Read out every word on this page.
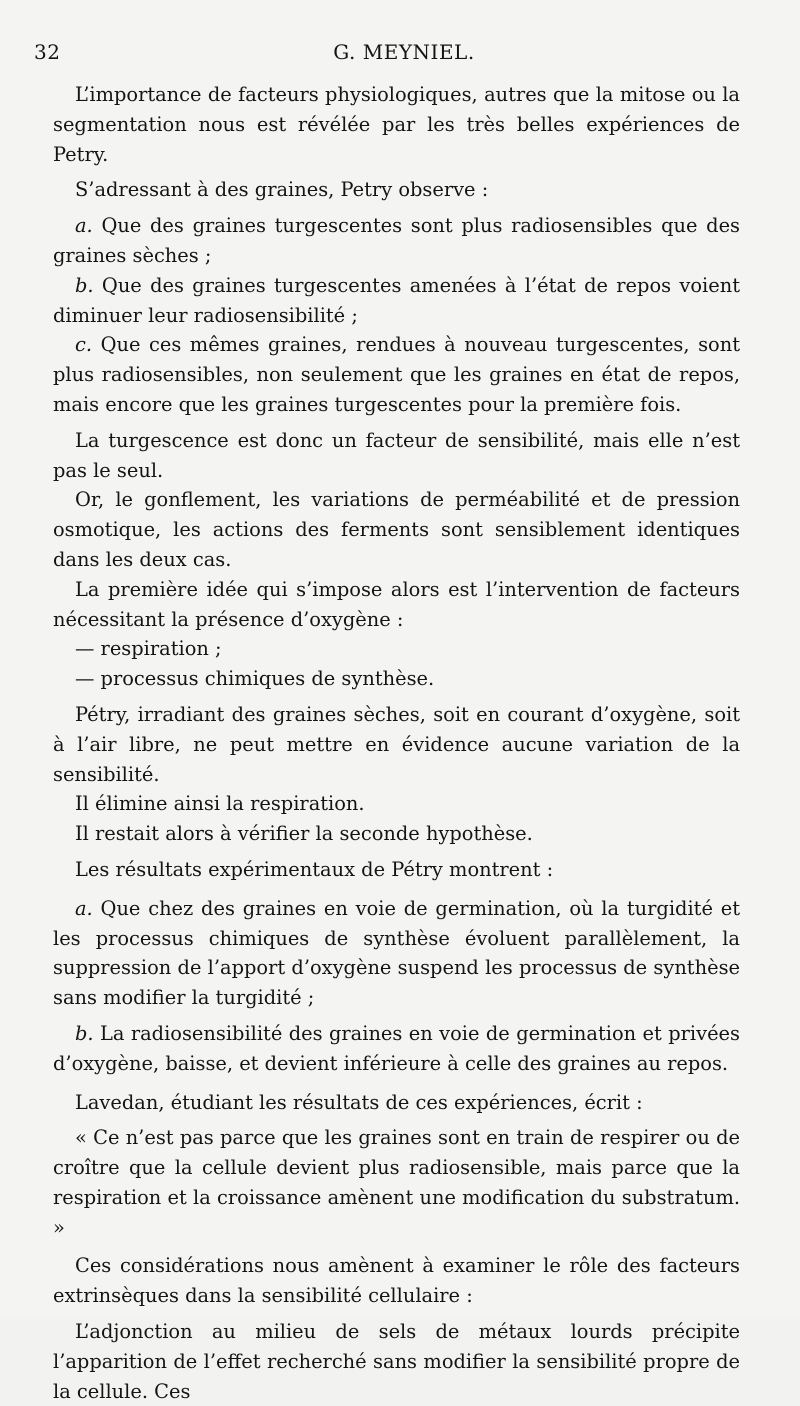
32	G. MEYNIEL.

L’importance de facteurs physiologiques, autres que la mitose ou la segmentation nous est révélée par les très belles expériences de Petry.

S’adressant à des graines, Petry observe :

a. Que des graines turgescentes sont plus radiosensibles que des graines sèches ;

b. Que des graines turgescentes amenées à l’état de repos voient diminuer leur radiosensibilité ;

c. Que ces mêmes graines, rendues à nouveau turgescentes, sont plus radiosensibles, non seulement que les graines en état de repos, mais encore que les graines turgescentes pour la première fois.

La turgescence est donc un facteur de sensibilité, mais elle n’est pas le seul.

Or, le gonflement, les variations de perméabilité et de pression osmotique, les actions des ferments sont sensiblement identiques dans les deux cas.

La première idée qui s’impose alors est l’intervention de facteurs nécessitant la présence d’oxygène :

— respiration ;

— processus chimiques de synthèse.

Pétry, irradiant des graines sèches, soit en courant d’oxygène, soit à l’air libre, ne peut mettre en évidence aucune variation de la sensibilité.

Il élimine ainsi la respiration.

Il restait alors à vérifier la seconde hypothèse.

Les résultats expérimentaux de Pétry montrent :

a. Que chez des graines en voie de germination, où la turgidité et les processus chimiques de synthèse évoluent parallèlement, la suppression de l’apport d’oxygène suspend les processus de synthèse sans modifier la turgidité ;

b. La radiosensibilité des graines en voie de germination et privées d’oxygène, baisse, et devient inférieure à celle des graines au repos.

Lavedan, étudiant les résultats de ces expériences, écrit :

« Ce n’est pas parce que les graines sont en train de respirer ou de croître que la cellule devient plus radiosensible, mais parce que la respiration et la croissance amènent une modification du substratum. »

Ces considérations nous amènent à examiner le rôle des facteurs extrinsèques dans la sensibilité cellulaire :

L’adjonction au milieu de sels de métaux lourds précipite l’apparition de l’effet recherché sans modifier la sensibilité propre de la cellule. Ces
